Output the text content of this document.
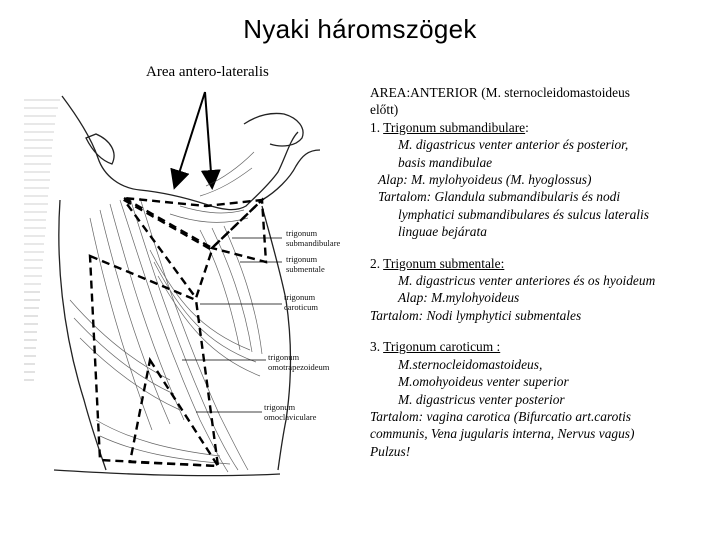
Nyaki háromszögek
Area antero-lateralis
trigonum
submandibulare
trigonum
submentale
trigonum
caroticum
trigonum
omotrapezoideum
trigonum
omoclaviculare
AREA:ANTERIOR (M. sternocleidomastoideus
előtt)
1. Trigonum submandibulare:
M. digastricus venter anterior és posterior,
basis mandibulae
Alap: M. mylohyoideus (M. hyoglossus)
Tartalom: Glandula submandibularis és nodi
lymphatici submandibulares és sulcus lateralis
linguae bejárata
2. Trigonum submentale:
M. digastricus venter anteriores és os hyoideum
Alap: M.mylohyoideus
Tartalom: Nodi lymphytici submentales
3. Trigonum caroticum :
M.sternocleidomastoideus,
M.omohyoideus venter superior
M. digastricus venter posterior
Tartalom: vagina carotica (Bifurcatio art.carotis
communis, Vena jugularis interna, Nervus vagus)
Pulzus!
